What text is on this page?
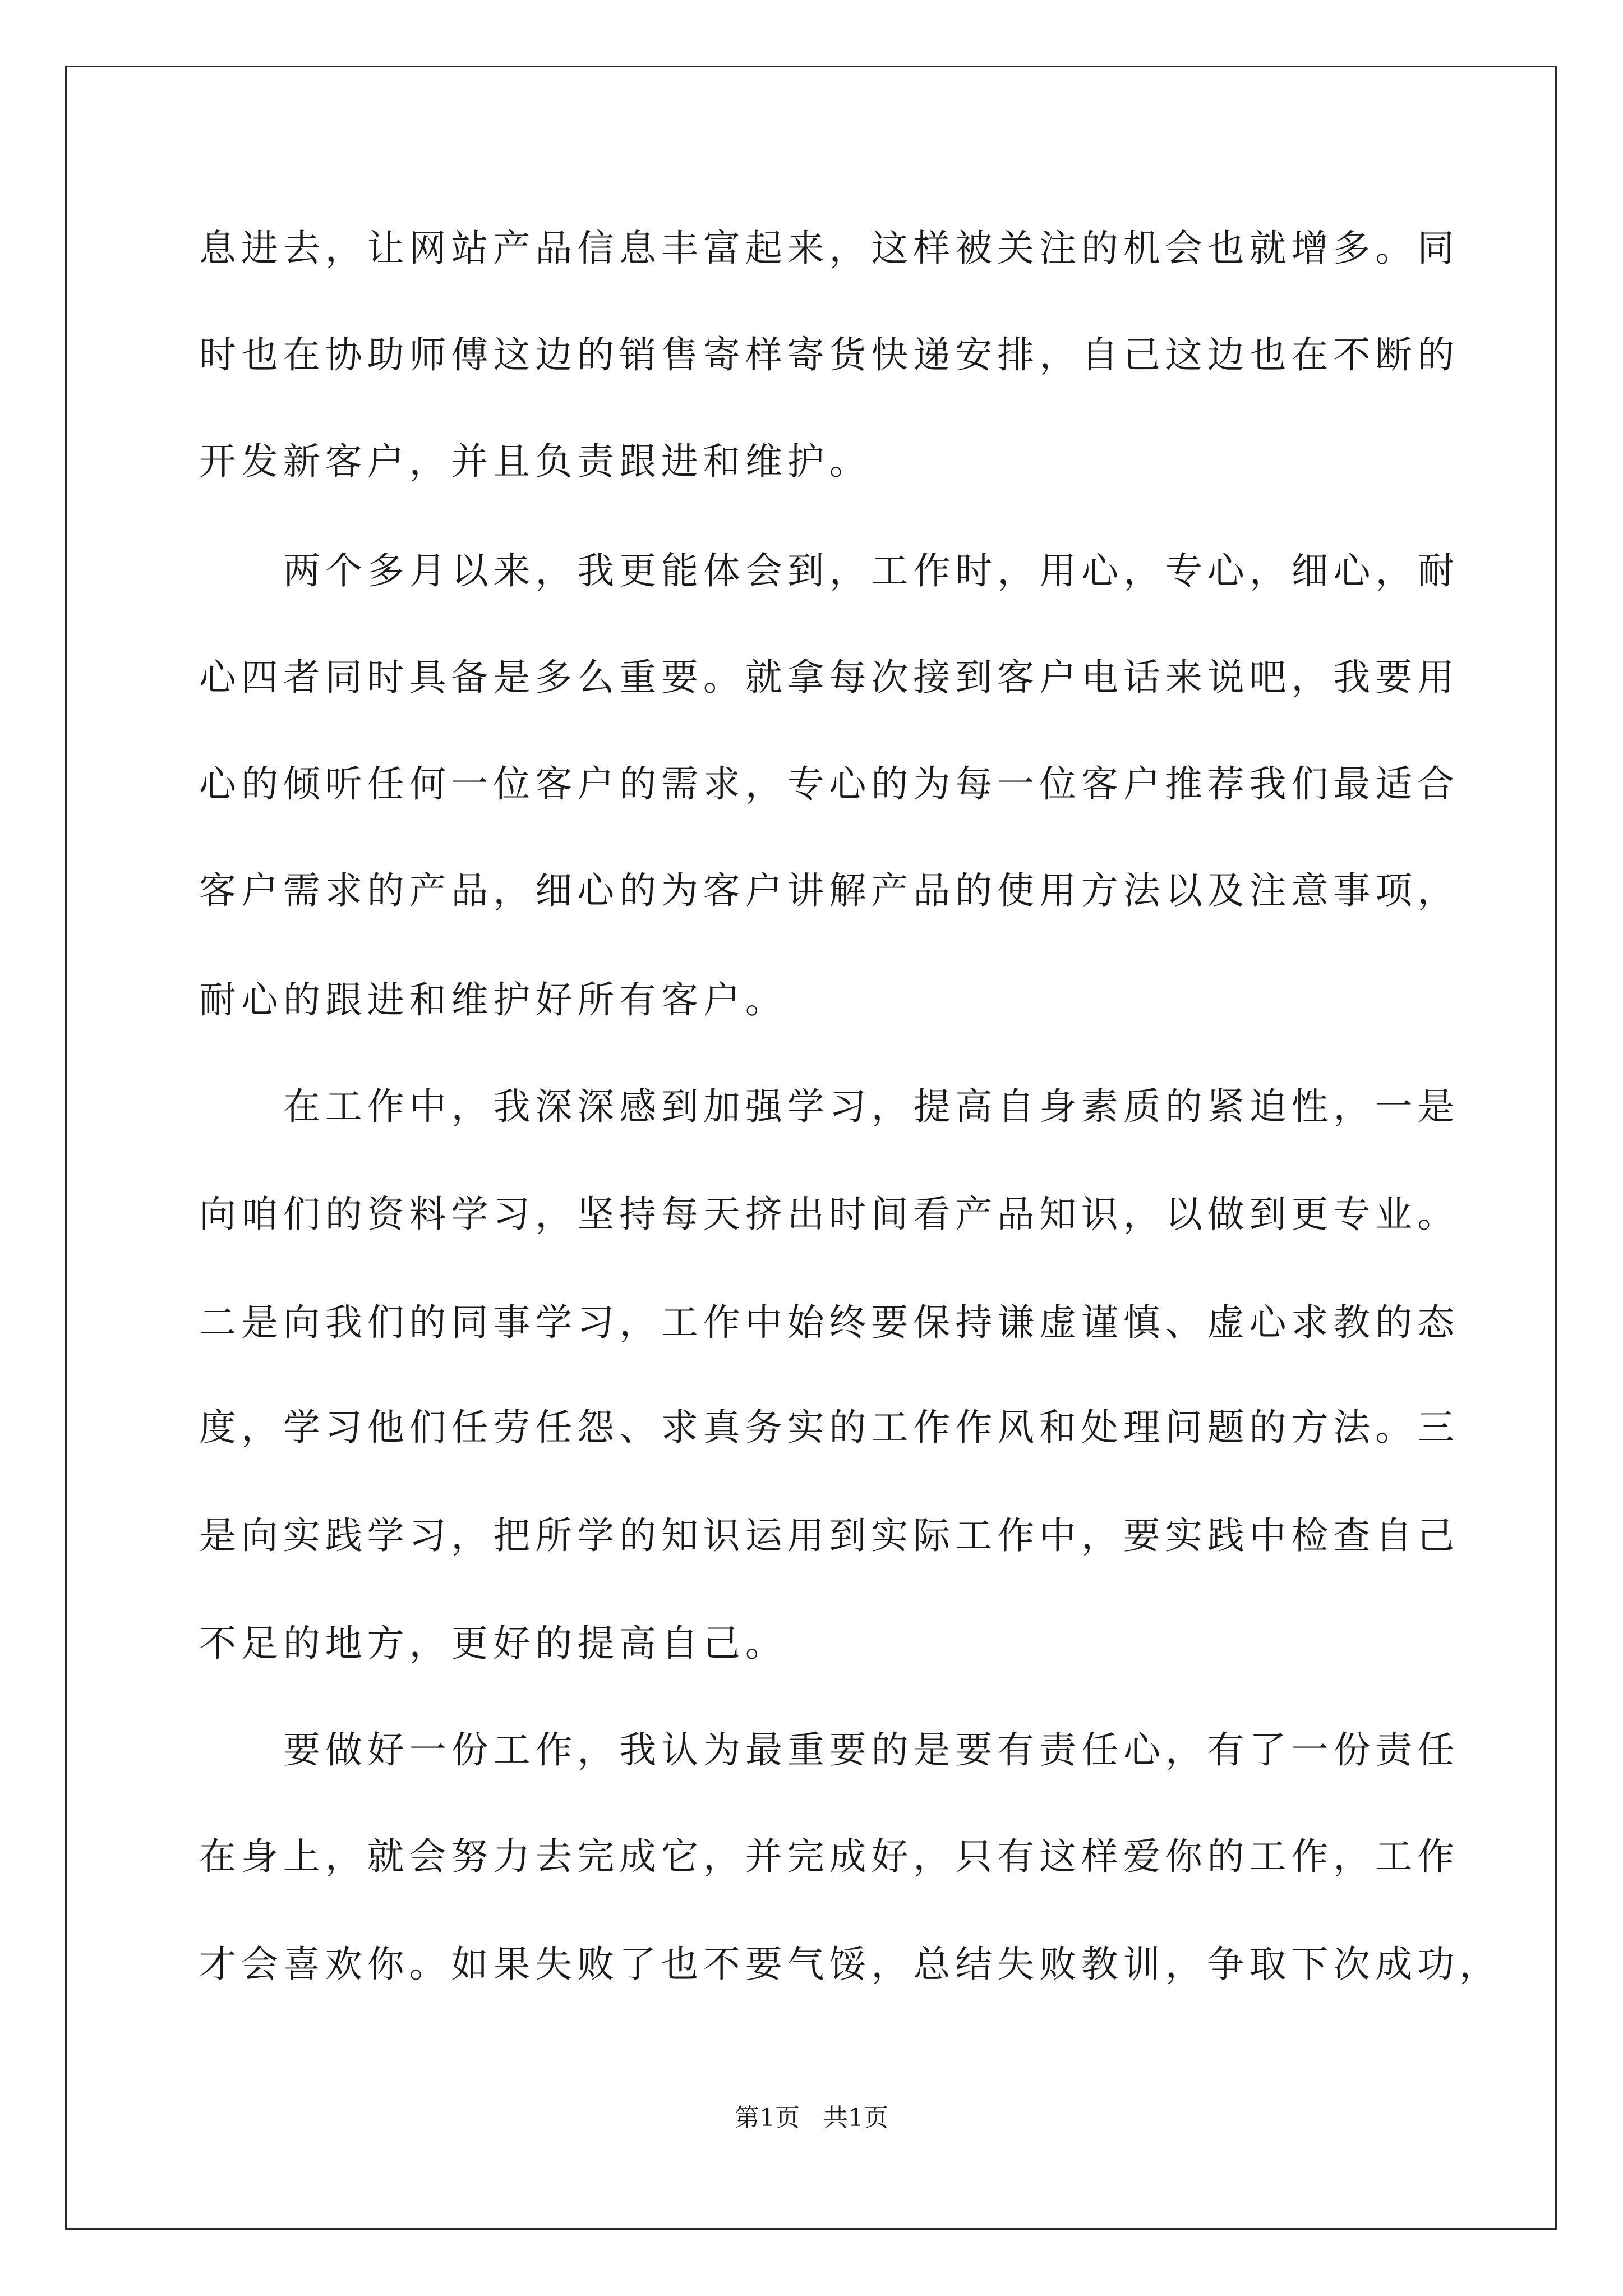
息进去，让网站产品信息丰富起来，这样被关注的机会也就增多。同
时也在协助师傅这边的销售寄样寄货快递安排，自己这边也在不断的
开发新客户，并且负责跟进和维护。
两个多月以来，我更能体会到，工作时，用心，专心，细心，耐
心四者同时具备是多么重要。就拿每次接到客户电话来说吧，我要用
心的倾听任何一位客户的需求，专心的为每一位客户推荐我们最适合
客户需求的产品，细心的为客户讲解产品的使用方法以及注意事项，
耐心的跟进和维护好所有客户。
在工作中，我深深感到加强学习，提高自身素质的紧迫性，一是
向咱们的资料学习，坚持每天挤出时间看产品知识，以做到更专业。
二是向我们的同事学习，工作中始终要保持谦虚谨慎、虚心求教的态
度，学习他们任劳任怨、求真务实的工作作风和处理问题的方法。三
是向实践学习，把所学的知识运用到实际工作中，要实践中检查自己
不足的地方，更好的提高自己。
要做好一份工作，我认为最重要的是要有责任心，有了一份责任
在身上，就会努力去完成它，并完成好，只有这样爱你的工作，工作
才会喜欢你。如果失败了也不要气馁，总结失败教训，争取下次成功，
第1页   共1页
